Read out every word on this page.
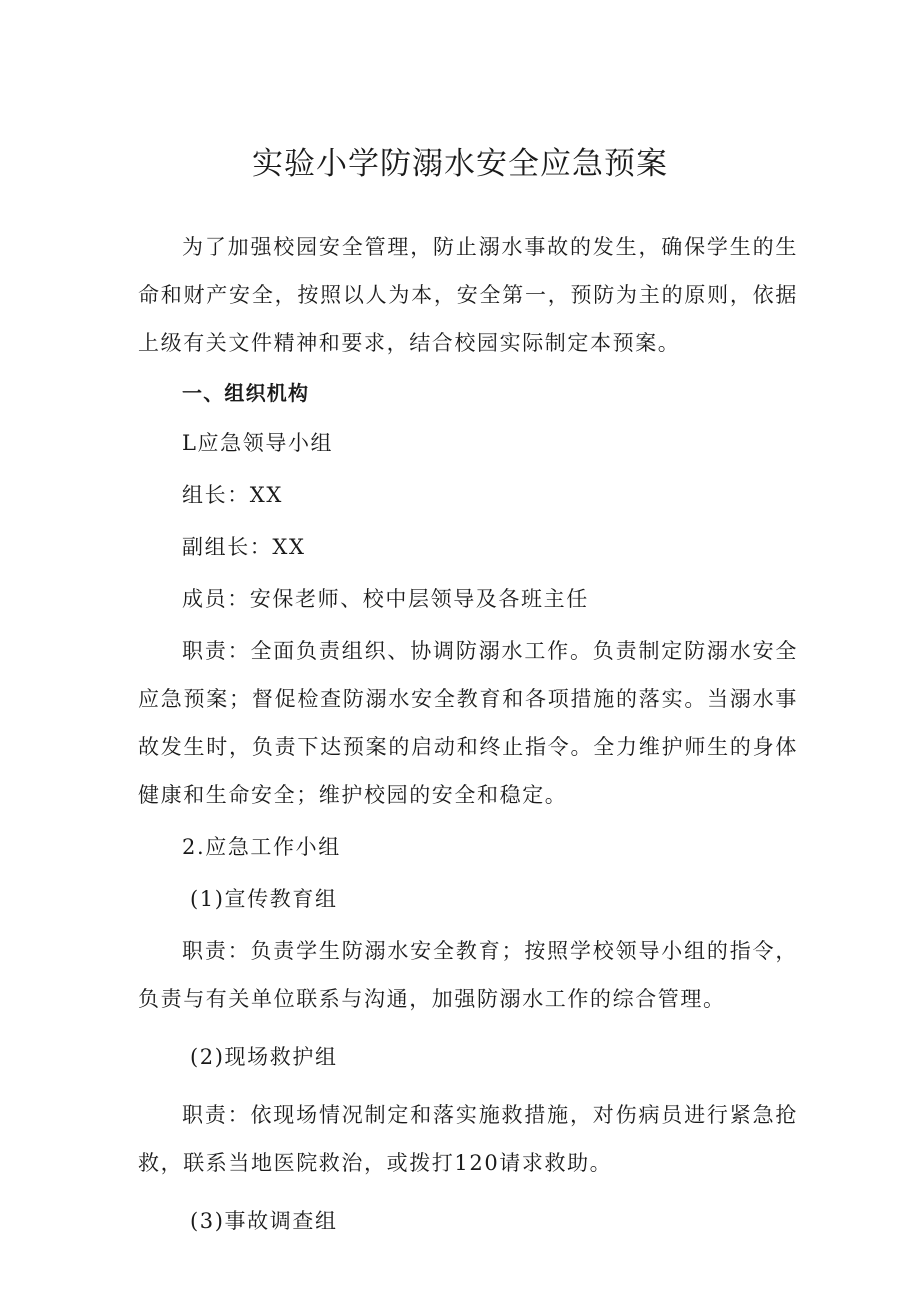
实验小学防溺水安全应急预案

为了加强校园安全管理，防止溺水事故的发生，确保学生的生命和财产安全，按照以人为本，安全第一，预防为主的原则，依据上级有关文件精神和要求，结合校园实际制定本预案。

一、组织机构

L应急领导小组

组长：XX

副组长：XX

成员：安保老师、校中层领导及各班主任

职责：全面负责组织、协调防溺水工作。负责制定防溺水安全应急预案；督促检查防溺水安全教育和各项措施的落实。当溺水事故发生时，负责下达预案的启动和终止指令。全力维护师生的身体健康和生命安全；维护校园的安全和稳定。

2.应急工作小组

(1)宣传教育组

职责：负责学生防溺水安全教育；按照学校领导小组的指令，负责与有关单位联系与沟通，加强防溺水工作的综合管理。

(2)现场救护组

职责：依现场情况制定和落实施救措施，对伤病员进行紧急抢救，联系当地医院救治，或拨打120请求救助。

(3)事故调查组
